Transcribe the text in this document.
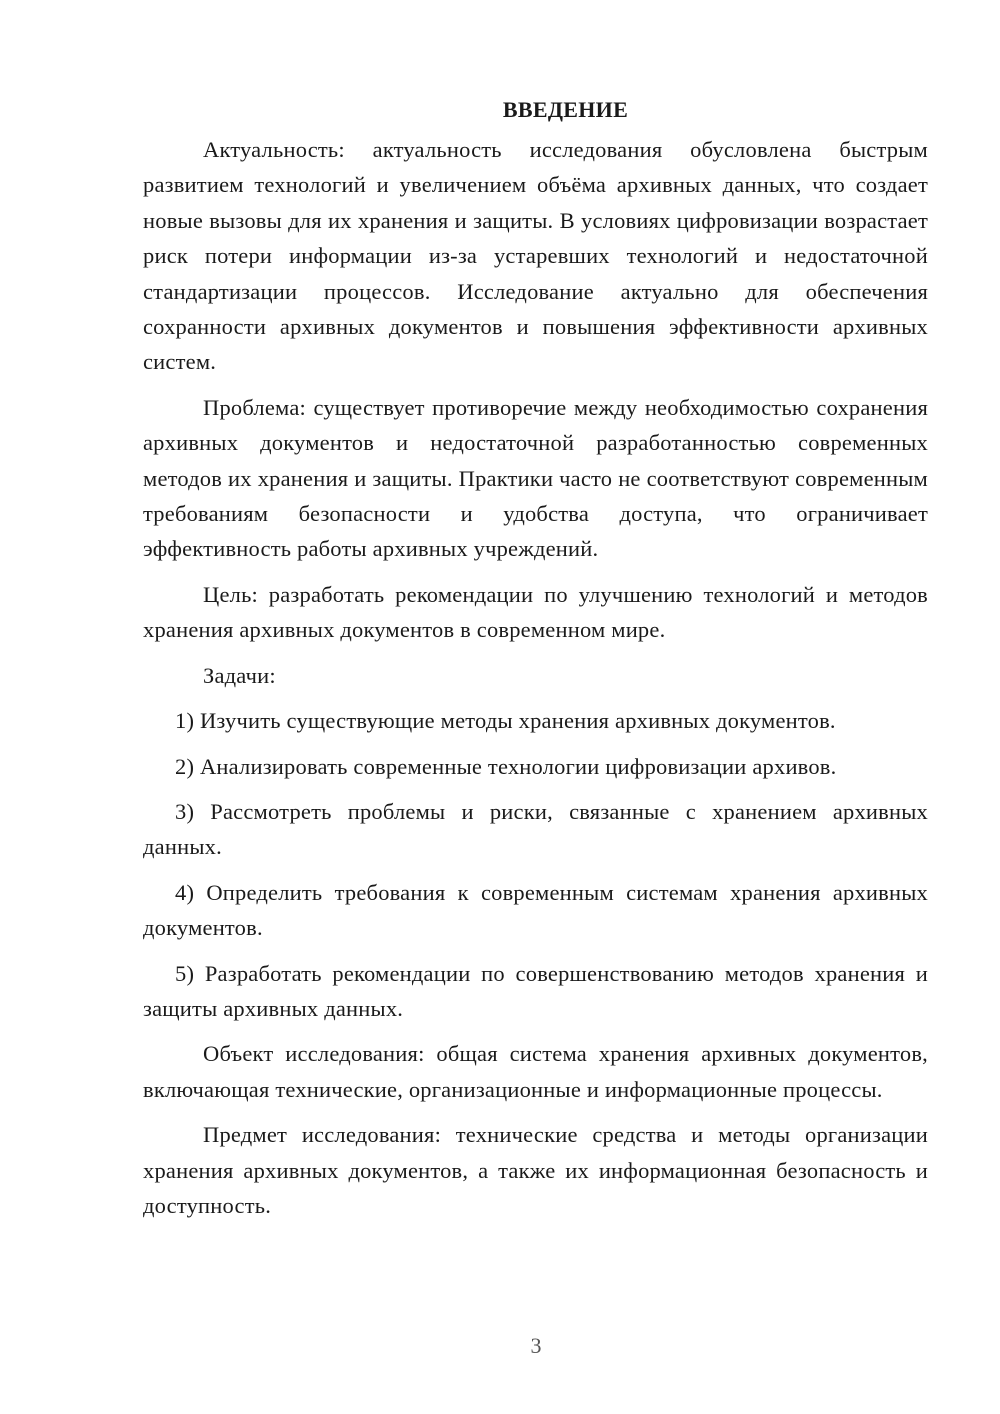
ВВЕДЕНИЕ

Актуальность: актуальность исследования обусловлена быстрым развитием технологий и увеличением объёма архивных данных, что создает новые вызовы для их хранения и защиты. В условиях цифровизации возрастает риск потери информации из-за устаревших технологий и недостаточной стандартизации процессов. Исследование актуально для обеспечения сохранности архивных документов и повышения эффективности архивных систем.

Проблема: существует противоречие между необходимостью сохранения архивных документов и недостаточной разработанностью современных методов их хранения и защиты. Практики часто не соответствуют современным требованиям безопасности и удобства доступа, что ограничивает эффективность работы архивных учреждений.

Цель: разработать рекомендации по улучшению технологий и методов хранения архивных документов в современном мире.

Задачи:

1) Изучить существующие методы хранения архивных документов.

2) Анализировать современные технологии цифровизации архивов.

3) Рассмотреть проблемы и риски, связанные с хранением архивных данных.

4) Определить требования к современным системам хранения архивных документов.

5) Разработать рекомендации по совершенствованию методов хранения и защиты архивных данных.

Объект исследования: общая система хранения архивных документов, включающая технические, организационные и информационные процессы.

Предмет исследования: технические средства и методы организации хранения архивных документов, а также их информационная безопасность и доступность.

3
